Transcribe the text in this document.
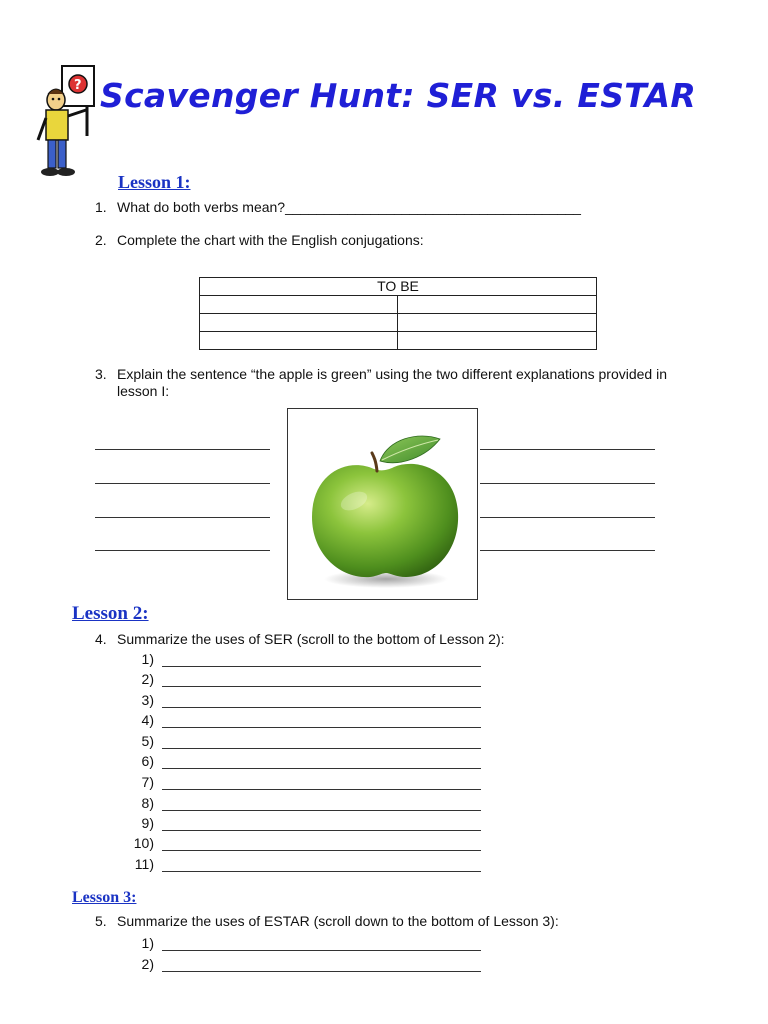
? Scavenger Hunt: SER vs. ESTAR
Lesson 1:
1. What do both verbs mean?______________________________________
2. Complete the chart with the English conjugations:
TO BE	

3. Explain the sentence “the apple is green” using the two different explanations provided in
lesson I:
Lesson 2:
4. Summarize the uses of SER (scroll to the bottom of Lesson 2):
1)
2)
3)
4)
5)
6)
7)
8)
9)
10)
11)
Lesson 3:
5. Summarize the uses of ESTAR (scroll down to the bottom of Lesson 3):
1)
2)
